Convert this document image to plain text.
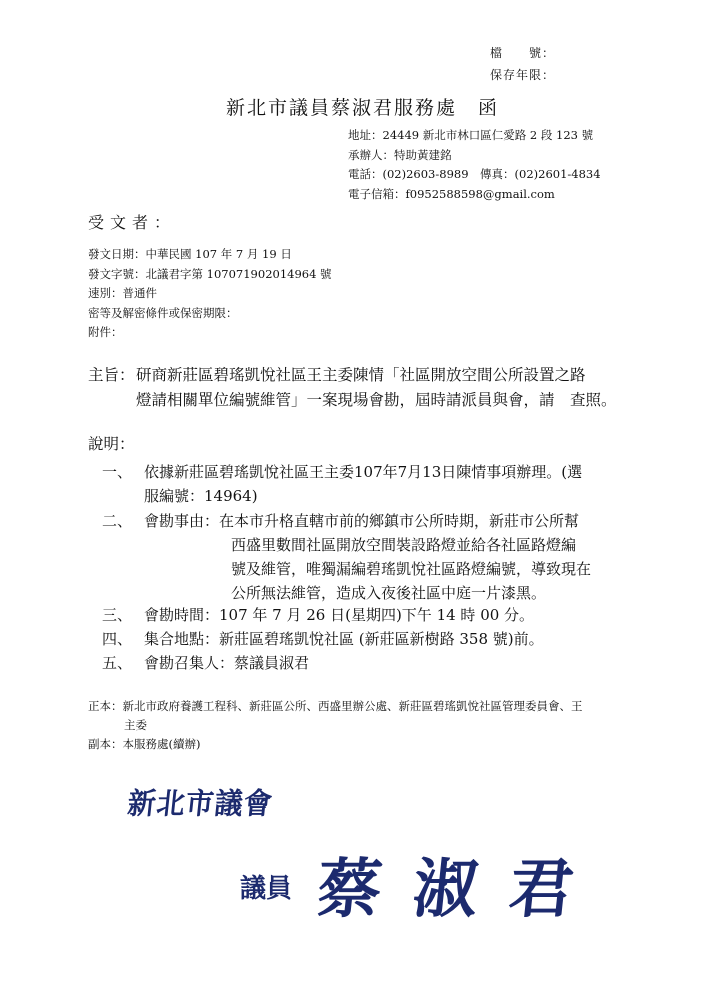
檔　　號：
保存年限：
新北市議員蔡淑君服務處　函
地址：24449 新北市林口區仁愛路 2 段 123 號
承辦人：特助黃建銘
電話：(02)2603-8989　傳真：(02)2601-4834
電子信箱：f0952588598@gmail.com
受文者：
發文日期：中華民國 107 年 7 月 19 日
發文字號：北議君字第 107071902014964 號
速別：普通件
密等及解密條件或保密期限：
附件：
主旨： 研商新莊區碧瑤凱悅社區王主委陳情「社區開放空間公所設置之路
燈請相關單位編號維管」一案現場會勘，屆時請派員與會，請　查照。
說明：
一、 依據新莊區碧瑤凱悅社區王主委107年7月13日陳情事項辦理。(選
服編號：14964)
二、 會勘事由：在本市升格直轄市前的鄉鎮市公所時期，新莊市公所幫
西盛里數間社區開放空間裝設路燈並給各社區路燈編
號及維管，唯獨漏編碧瑤凱悅社區路燈編號，導致現在
公所無法維管，造成入夜後社區中庭一片漆黑。
三、 會勘時間：107 年 7 月 26 日(星期四)下午 14 時 00 分。
四、 集合地點：新莊區碧瑤凱悅社區 (新莊區新樹路 358 號)前。
五、 會勘召集人：蔡議員淑君
正本：新北市政府養護工程科、新莊區公所、西盛里辦公處、新莊區碧瑤凱悅社區管理委員會、王
主委
副本：本服務處(續辦)
新北市議會
議員 蔡淑君
